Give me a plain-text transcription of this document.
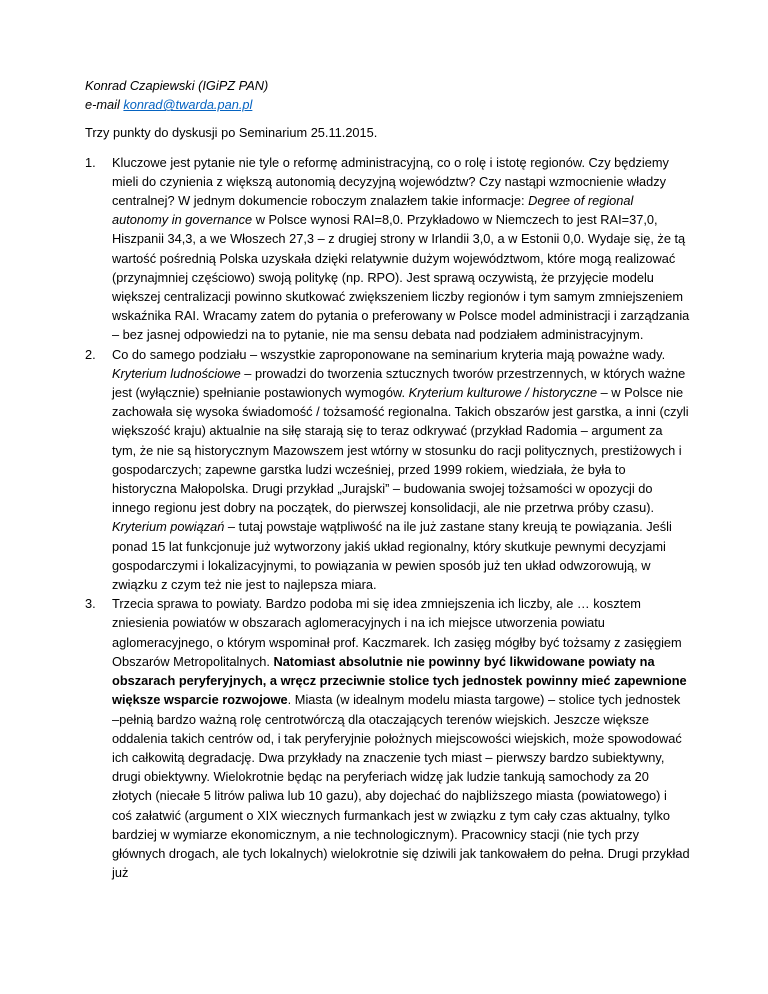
Konrad Czapiewski (IGiPZ PAN)

e-mail konrad@twarda.pan.pl

Trzy punkty do dyskusji po Seminarium 25.11.2015.

1. Kluczowe jest pytanie nie tyle o reformę administracyjną, co o rolę i istotę regionów. Czy będziemy mieli do czynienia z większą autonomią decyzyjną województw? Czy nastąpi wzmocnienie władzy centralnej? W jednym dokumencie roboczym znalazłem takie informacje: Degree of regional autonomy in governance w Polsce wynosi RAI=8,0. Przykładowo w Niemczech to jest RAI=37,0, Hiszpanii 34,3, a we Włoszech 27,3 – z drugiej strony w Irlandii 3,0, a w Estonii 0,0. Wydaje się, że tą wartość pośrednią Polska uzyskała dzięki relatywnie dużym województwom, które mogą realizować (przynajmniej częściowo) swoją politykę (np. RPO). Jest sprawą oczywistą, że przyjęcie modelu większej centralizacji powinno skutkować zwiększeniem liczby regionów i tym samym zmniejszeniem wskaźnika RAI. Wracamy zatem do pytania o preferowany w Polsce model administracji i zarządzania – bez jasnej odpowiedzi na to pytanie, nie ma sensu debata nad podziałem administracyjnym.
2. Co do samego podziału – wszystkie zaproponowane na seminarium kryteria mają poważne wady. Kryterium ludnościowe – prowadzi do tworzenia sztucznych tworów przestrzennych, w których ważne jest (wyłącznie) spełnianie postawionych wymogów. Kryterium kulturowe / historyczne – w Polsce nie zachowała się wysoka świadomość / tożsamość regionalna. Takich obszarów jest garstka, a inni (czyli większość kraju) aktualnie na siłę starają się to teraz odkrywać (przykład Radomia – argument za tym, że nie są historycznym Mazowszem jest wtórny w stosunku do racji politycznych, prestiżowych i gospodarczych; zapewne garstka ludzi wcześniej, przed 1999 rokiem, wiedziała, że była to historyczna Małopolska. Drugi przykład „Jurajski” – budowania swojej tożsamości w opozycji do innego regionu jest dobry na początek, do pierwszej konsolidacji, ale nie przetrwa próby czasu). Kryterium powiązań – tutaj powstaje wątpliwość na ile już zastane stany kreują te powiązania. Jeśli ponad 15 lat funkcjonuje już wytworzony jakiś układ regionalny, który skutkuje pewnymi decyzjami gospodarczymi i lokalizacyjnymi, to powiązania w pewien sposób już ten układ odwzorowują, w związku z czym też nie jest to najlepsza miara.
3. Trzecia sprawa to powiaty. Bardzo podoba mi się idea zmniejszenia ich liczby, ale … kosztem zniesienia powiatów w obszarach aglomeracyjnych i na ich miejsce utworzenia powiatu aglomeracyjnego, o którym wspominał prof. Kaczmarek. Ich zasięg mógłby być tożsamy z zasięgiem Obszarów Metropolitalnych. Natomiast absolutnie nie powinny być likwidowane powiaty na obszarach peryferyjnych, a wręcz przeciwnie stolice tych jednostek powinny mieć zapewnione większe wsparcie rozwojowe. Miasta (w idealnym modelu miasta targowe) – stolice tych jednostek –pełnią bardzo ważną rolę centrotwórczą dla otaczających terenów wiejskich. Jeszcze większe oddalenia takich centrów od, i tak peryferyjnie położnych miejscowości wiejskich, może spowodować ich całkowitą degradację. Dwa przykłady na znaczenie tych miast – pierwszy bardzo subiektywny, drugi obiektywny. Wielokrotnie będąc na peryferiach widzę jak ludzie tankują samochody za 20 złotych (niecałe 5 litrów paliwa lub 10 gazu), aby dojechać do najbliższego miasta (powiatowego) i coś załatwić (argument o XIX wiecznych furmankach jest w związku z tym cały czas aktualny, tylko bardziej w wymiarze ekonomicznym, a nie technologicznym). Pracownicy stacji (nie tych przy głównych drogach, ale tych lokalnych) wielokrotnie się dziwili jak tankowałem do pełna. Drugi przykład już
